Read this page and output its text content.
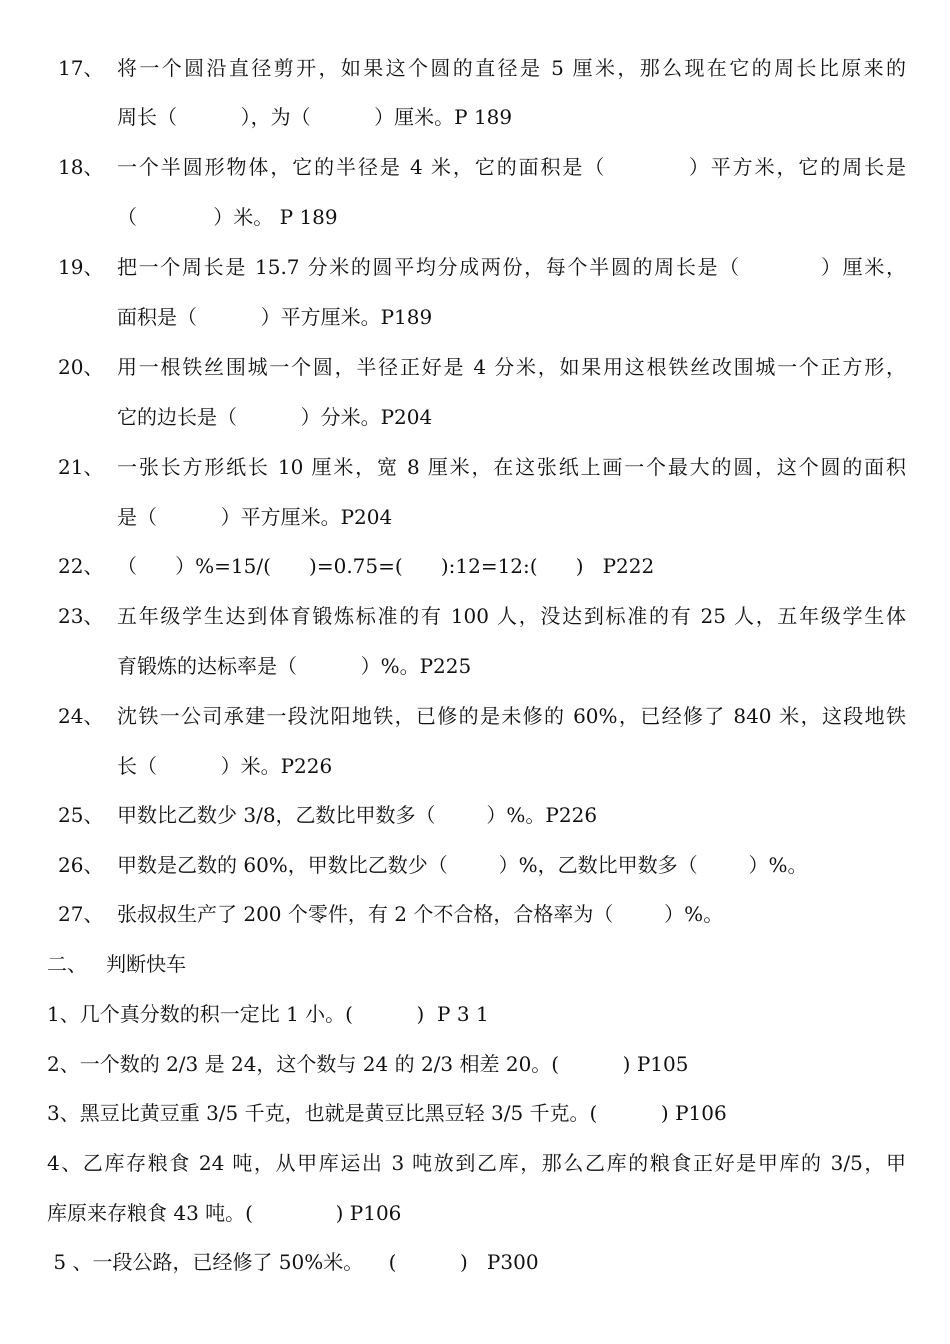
17、 将一个圆沿直径剪开，如果这个圆的直径是 5 厘米，那么现在它的周长比原来的
周长（          ），为（          ）厘米。P 189
18、 一个半圆形物体，它的半径是 4 米，它的面积是（          ）平方米，它的周长是
（            ）米。 P 189
19、 把一个周长是 15.7 分米的圆平均分成两份，每个半圆的周长是（          ）厘米，
面积是（          ）平方厘米。P189
20、 用一根铁丝围城一个圆，半径正好是 4 分米，如果用这根铁丝改围城一个正方形，
它的边长是（          ）分米。P204
21、 一张长方形纸长 10 厘米，宽 8 厘米，在这张纸上画一个最大的圆，这个圆的面积
是（          ）平方厘米。P204
22、 （      ）%=15/(      )=0.75=(      ):12=12:(      )   P222
23、 五年级学生达到体育锻炼标准的有 100 人，没达到标准的有 25 人，五年级学生体
育锻炼的达标率是（          ）%。P225
24、 沈铁一公司承建一段沈阳地铁，已修的是未修的 60%，已经修了 840 米，这段地铁
长（          ）米。P226
25、 甲数比乙数少 3/8，乙数比甲数多（        ）%。P226
26、 甲数是乙数的 60%，甲数比乙数少（        ）%，乙数比甲数多（        ）%。
27、 张叔叔生产了 200 个零件，有 2 个不合格，合格率为（        ）%。
二、   判断快车
1、几个真分数的积一定比 1 小。(          )  P 3 1
2、一个数的 2/3 是 24，这个数与 24 的 2/3 相差 20。(          ) P105
3、黑豆比黄豆重 3/5 千克，也就是黄豆比黑豆轻 3/5 千克。(          ) P106
4、乙库存粮食 24 吨，从甲库运出 3 吨放到乙库，那么乙库的粮食正好是甲库的 3/5，甲
库原来存粮食 43 吨。(             ) P106
5 、一段公路，已经修了 50%米。    (          )   P300
